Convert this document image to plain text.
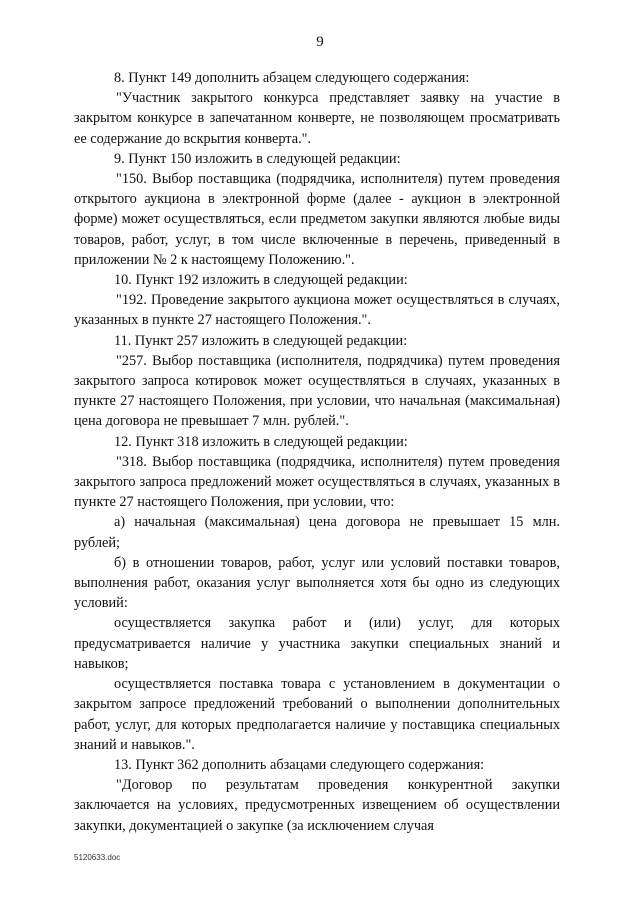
9

8. Пункт 149 дополнить абзацем следующего содержания:

"Участник закрытого конкурса представляет заявку на участие в закрытом конкурсе в запечатанном конверте, не позволяющем просматривать ее содержание до вскрытия конверта.".

9. Пункт 150 изложить в следующей редакции:

"150. Выбор поставщика (подрядчика, исполнителя) путем проведения открытого аукциона в электронной форме (далее - аукцион в электронной форме) может осуществляться, если предметом закупки являются любые виды товаров, работ, услуг, в том числе включенные в перечень, приведенный в приложении № 2 к настоящему Положению.".

10. Пункт 192 изложить в следующей редакции:

"192. Проведение закрытого аукциона может осуществляться в случаях, указанных в пункте 27 настоящего Положения.".

11. Пункт 257 изложить в следующей редакции:

"257. Выбор поставщика (исполнителя, подрядчика) путем проведения закрытого запроса котировок может осуществляться в случаях, указанных в пункте 27 настоящего Положения, при условии, что начальная (максимальная) цена договора не превышает 7 млн. рублей.".

12. Пункт 318 изложить в следующей редакции:

"318. Выбор поставщика (подрядчика, исполнителя) путем проведения закрытого запроса предложений может осуществляться в случаях, указанных в пункте 27 настоящего Положения, при условии, что:

а) начальная (максимальная) цена договора не превышает 15 млн. рублей;

б) в отношении товаров, работ, услуг или условий поставки товаров, выполнения работ, оказания услуг выполняется хотя бы одно из следующих условий:

осуществляется закупка работ и (или) услуг, для которых предусматривается наличие у участника закупки специальных знаний и навыков;

осуществляется поставка товара с установлением в документации о закрытом запросе предложений требований о выполнении дополнительных работ, услуг, для которых предполагается наличие у поставщика специальных знаний и навыков.".

13. Пункт 362 дополнить абзацами следующего содержания:

"Договор по результатам проведения конкурентной закупки заключается на условиях, предусмотренных извещением об осуществлении закупки, документацией о закупке (за исключением случая

5120633.doc
